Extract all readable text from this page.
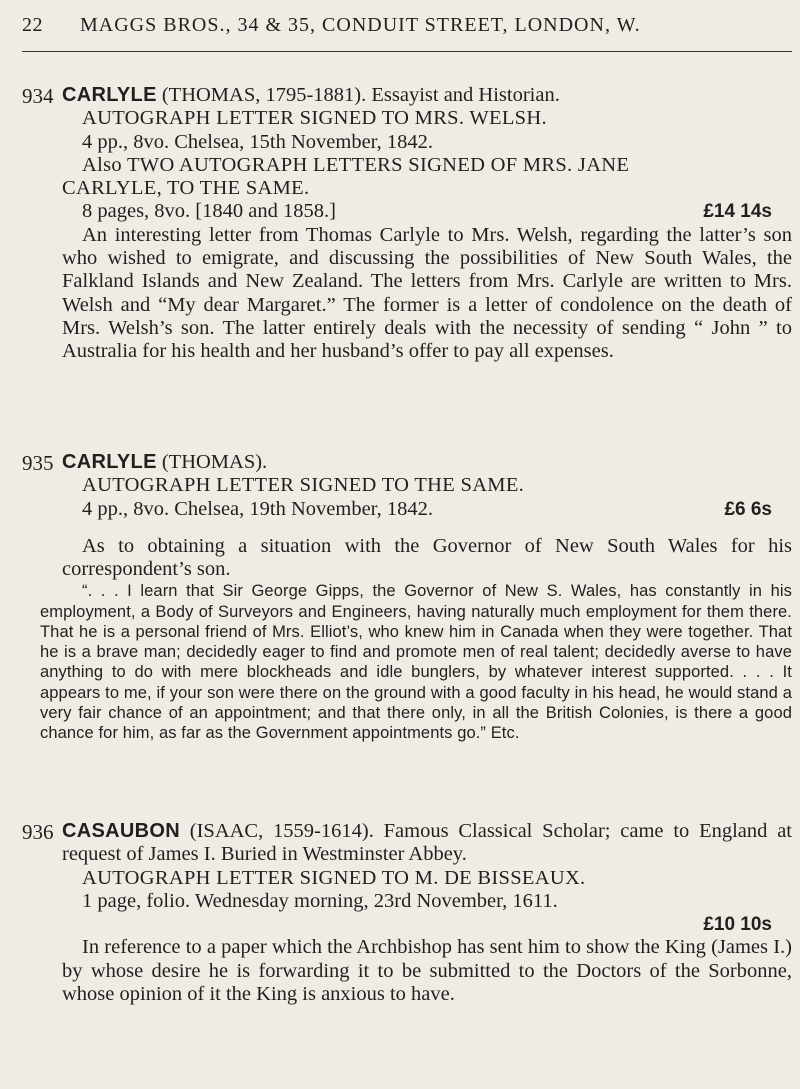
22 MAGGS BROS., 34 & 35, CONDUIT STREET, LONDON, W.
934 CARLYLE (THOMAS, 1795-1881). Essayist and Historian.
AUTOGRAPH LETTER SIGNED TO MRS. WELSH.
4 pp., 8vo. Chelsea, 15th November, 1842.
Also TWO AUTOGRAPH LETTERS SIGNED OF MRS. JANE
CARLYLE, TO THE SAME.
8 pages, 8vo. [1840 and 1858.]	£14 14s
An interesting letter from Thomas Carlyle to Mrs. Welsh, regarding the latter’s son who wished to emigrate, and discussing the possibilities of New South Wales, the Falkland Islands and New Zealand. The letters from Mrs. Carlyle are written to Mrs. Welsh and “My dear Margaret.” The former is a letter of condolence on the death of Mrs. Welsh’s son. The latter entirely deals with the necessity of sending “ John ” to Australia for his health and her husband’s offer to pay all expenses.
935 CARLYLE (THOMAS).
AUTOGRAPH LETTER SIGNED TO THE SAME.
4 pp., 8vo. Chelsea, 19th November, 1842.	£6 6s
As to obtaining a situation with the Governor of New South Wales for his correspondent’s son.
“. . . I learn that Sir George Gipps, the Governor of New S. Wales, has constantly in his employment, a Body of Surveyors and Engineers, having naturally much employment for them there. That he is a personal friend of Mrs. Elliot’s, who knew him in Canada when they were together. That he is a brave man; decidedly eager to find and promote men of real talent; decidedly averse to have anything to do with mere blockheads and idle bunglers, by whatever interest supported. . . . It appears to me, if your son were there on the ground with a good faculty in his head, he would stand a very fair chance of an appointment; and that there only, in all the British Colonies, is there a good chance for him, as far as the Government appointments go.” Etc.
936 CASAUBON (ISAAC, 1559-1614). Famous Classical Scholar; came to England at request of James I. Buried in Westminster Abbey.
AUTOGRAPH LETTER SIGNED TO M. DE BISSEAUX.
1 page, folio. Wednesday morning, 23rd November, 1611.
£10 10s
In reference to a paper which the Archbishop has sent him to show the King (James I.) by whose desire he is forwarding it to be submitted to the Doctors of the Sorbonne, whose opinion of it the King is anxious to have.
